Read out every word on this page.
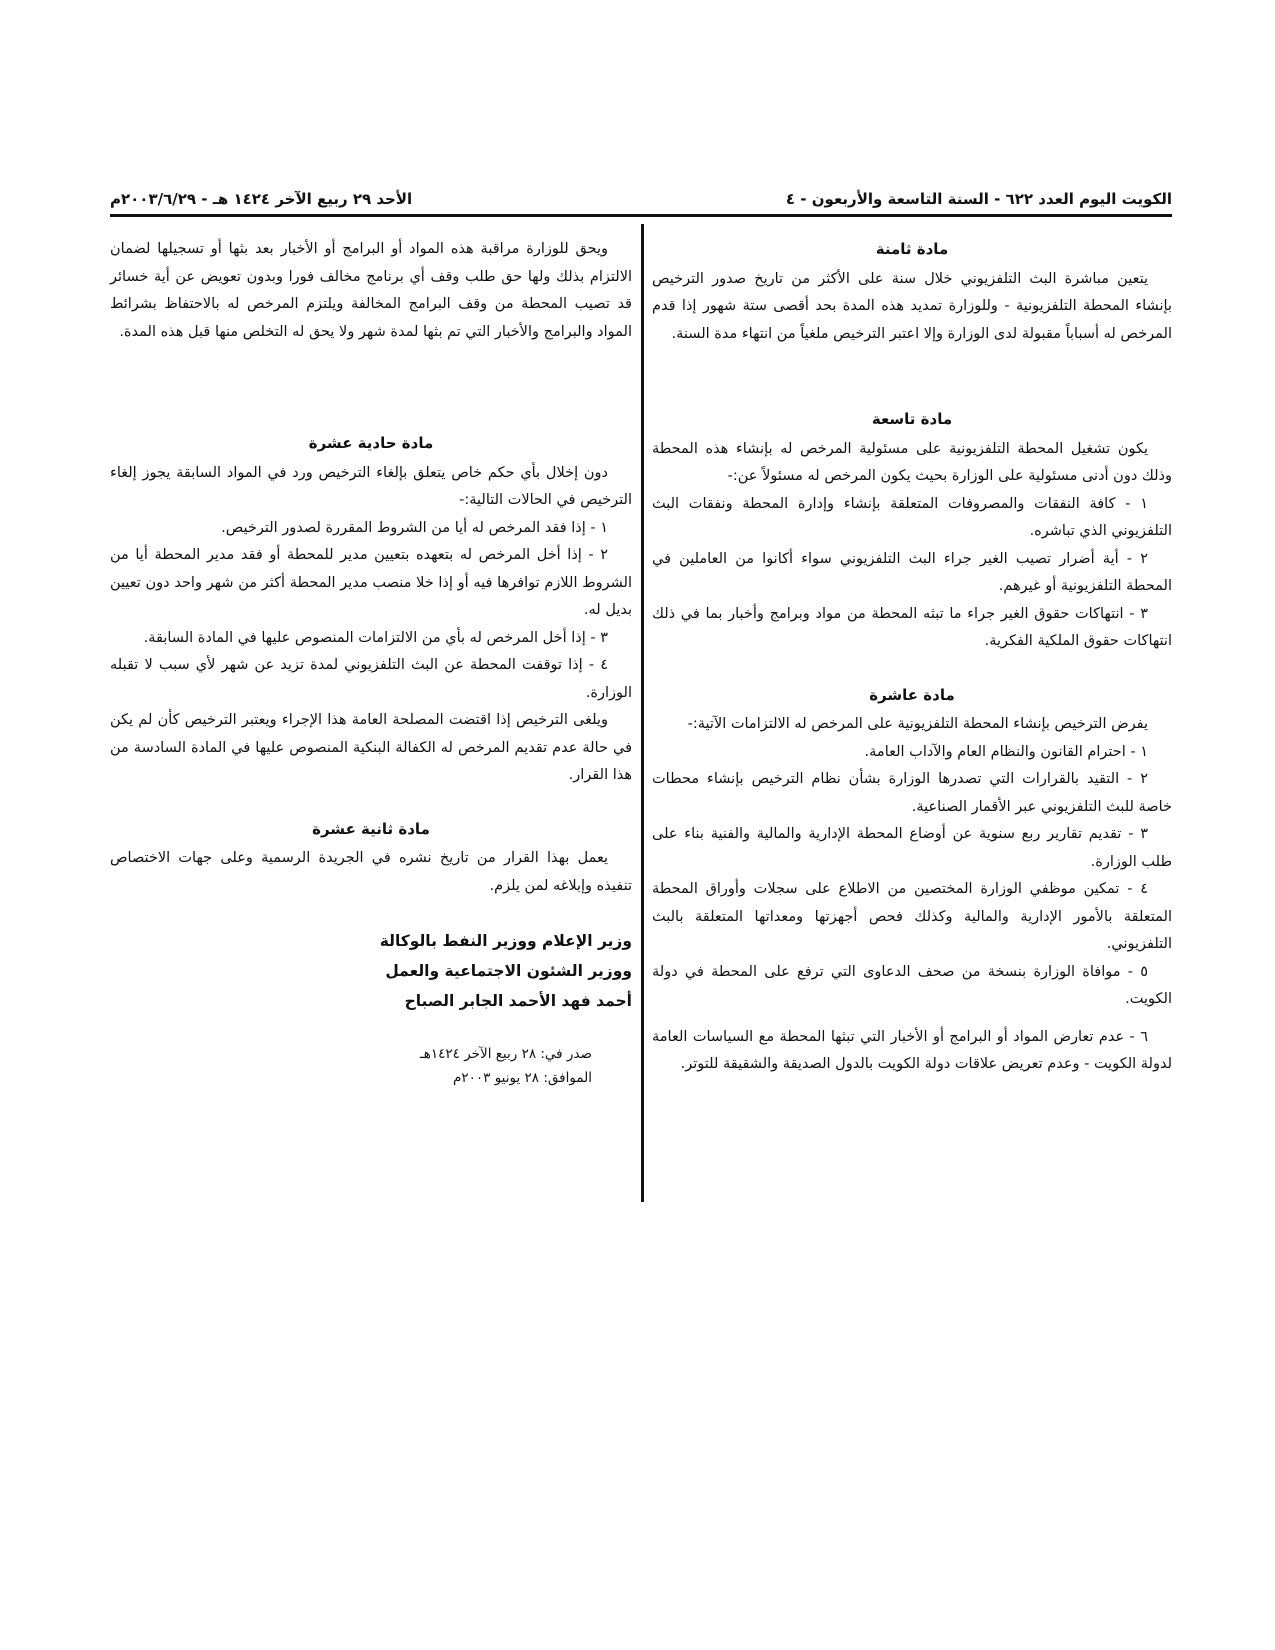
الكويت اليوم العدد ٦٢٢ - السنة التاسعة والأربعون - ٤
الأحد ٢٩ ربيع الآخر ١٤٢٤ هـ - ٢٠٠٣/٦/٢٩م

مادة ثامنة

يتعين مباشرة البث التلفزيوني خلال سنة على الأكثر من تاريخ صدور الترخيص بإنشاء المحطة التلفزيونية - وللوزارة تمديد هذه المدة بحد أقصى ستة شهور إذا قدم المرخص له أسباباً مقبولة لدى الوزارة وإلا اعتبر الترخيص ملغياً من انتهاء مدة السنة.

مادة تاسعة

يكون تشغيل المحطة التلفزيونية على مسئولية المرخص له بإنشاء هذه المحطة وذلك دون أدنى مسئولية على الوزارة بحيث يكون المرخص له مسئولاً عن:-

١ - كافة النفقات والمصروفات المتعلقة بإنشاء وإدارة المحطة ونفقات البث التلفزيوني الذي تباشره.

٢ - أية أضرار تصيب الغير جراء البث التلفزيوني سواء أكانوا من العاملين في المحطة التلفزيونية أو غيرهم.

٣ - انتهاكات حقوق الغير جراء ما تبثه المحطة من مواد وبرامج وأخبار بما في ذلك انتهاكات حقوق الملكية الفكرية.

مادة عاشرة

يفرض الترخيص بإنشاء المحطة التلفزيونية على المرخص له الالتزامات الآتية:-

١ - احترام القانون والنظام العام والآداب العامة.

٢ - التقيد بالقرارات التي تصدرها الوزارة بشأن نظام الترخيص بإنشاء محطات خاصة للبث التلفزيوني عبر الأقمار الصناعية.

٣ - تقديم تقارير ربع سنوية عن أوضاع المحطة الإدارية والمالية والفنية بناء على طلب الوزارة.

٤ - تمكين موظفي الوزارة المختصين من الاطلاع على سجلات وأوراق المحطة المتعلقة بالأمور الإدارية والمالية وكذلك فحص أجهزتها ومعداتها المتعلقة بالبث التلفزيوني.

٥ - موافاة الوزارة بنسخة من صحف الدعاوى التي ترفع على المحطة في دولة الكويت.

٦ - عدم تعارض المواد أو البرامج أو الأخبار التي تبثها المحطة مع السياسات العامة لدولة الكويت - وعدم تعريض علاقات دولة الكويت بالدول الصديقة والشقيقة للتوتر.

ويحق للوزارة مراقبة هذه المواد أو البرامج أو الأخبار بعد بثها أو تسجيلها لضمان الالتزام بذلك ولها حق طلب وقف أي برنامج مخالف فورا وبدون تعويض عن أية خسائر قد تصيب المحطة من وقف البرامج المخالفة ويلتزم المرخص له بالاحتفاظ بشرائط المواد والبرامج والأخبار التي تم بثها لمدة شهر ولا يحق له التخلص منها قبل هذه المدة.

مادة حادية عشرة

دون إخلال بأي حكم خاص يتعلق بإلغاء الترخيص ورد في المواد السابقة يجوز إلغاء الترخيص في الحالات التالية:-

١ - إذا فقد المرخص له أيا من الشروط المقررة لصدور الترخيص.

٢ - إذا أخل المرخص له بتعهده بتعيين مدير للمحطة أو فقد مدير المحطة أيا من الشروط اللازم توافرها فيه أو إذا خلا منصب مدير المحطة أكثر من شهر واحد دون تعيين بديل له.

٣ - إذا أخل المرخص له بأي من الالتزامات المنصوص عليها في المادة السابقة.

٤ - إذا توقفت المحطة عن البث التلفزيوني لمدة تزيد عن شهر لأي سبب لا تقبله الوزارة.

ويلغى الترخيص إذا اقتضت المصلحة العامة هذا الإجراء ويعتبر الترخيص كأن لم يكن في حالة عدم تقديم المرخص له الكفالة البنكية المنصوص عليها في المادة السادسة من هذا القرار.

مادة ثانية عشرة

يعمل بهذا القرار من تاريخ نشره في الجريدة الرسمية وعلى جهات الاختصاص تنفيذه وإبلاغه لمن يلزم.

وزير الإعلام ووزير النفط بالوكالة

ووزير الشئون الاجتماعية والعمل

أحمد فهد الأحمد الجابر الصباح

صدر في: ٢٨ ربيع الآخر ١٤٢٤هـ

الموافق: ٢٨ يونيو ٢٠٠٣م
